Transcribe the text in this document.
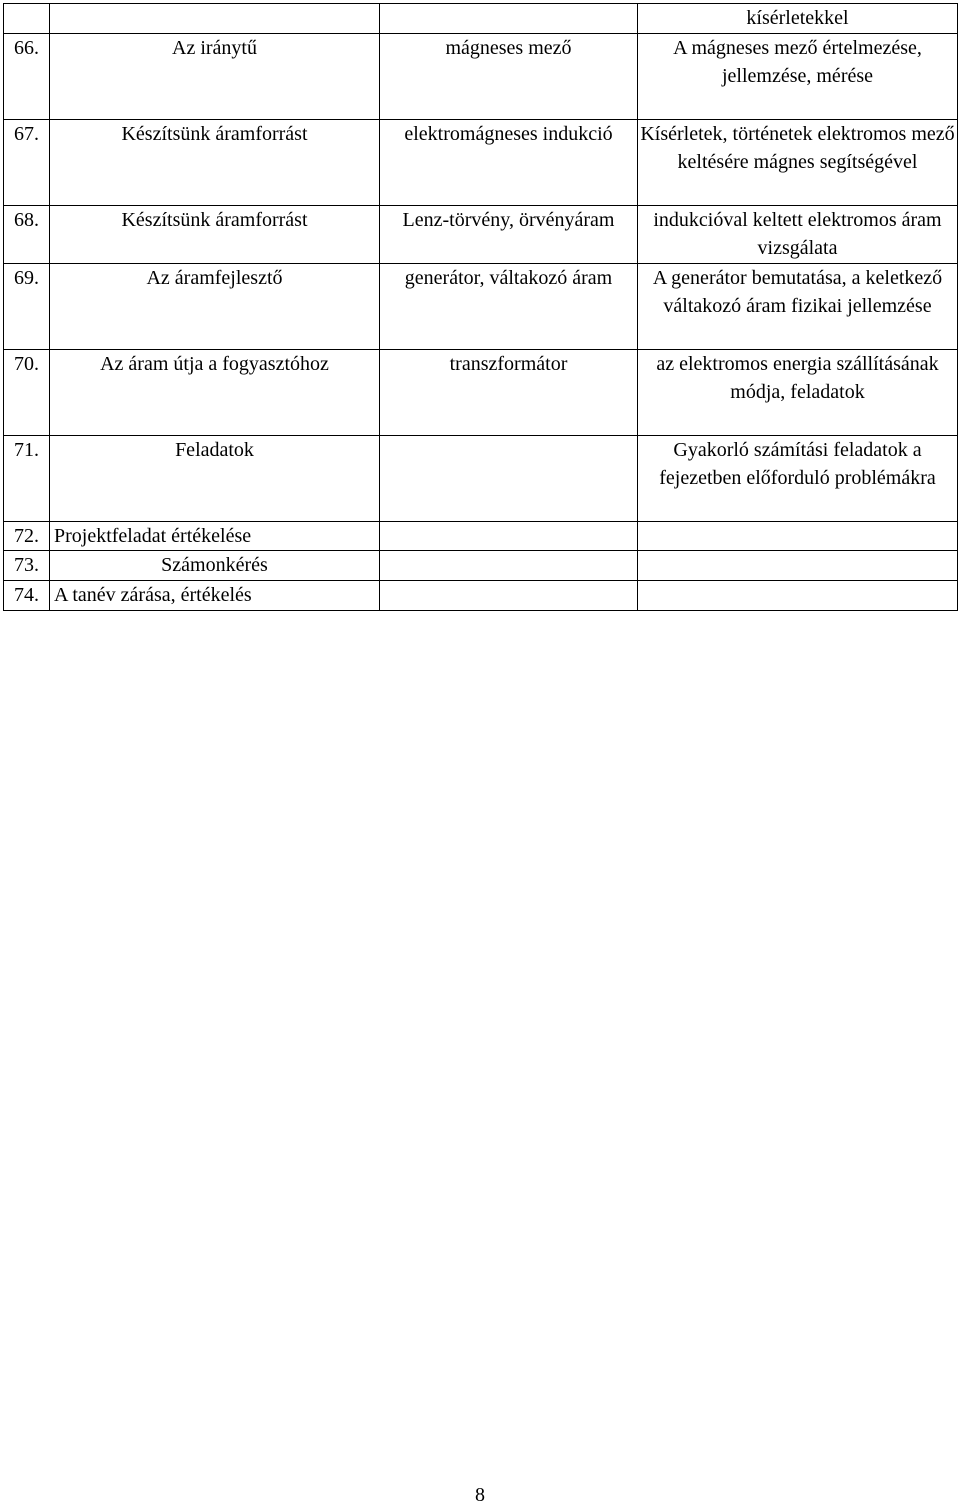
			kísérletekkel
66.	Az iránytű	mágneses mező	A mágneses mező értelmezése, jellemzése, mérése
67.	Készítsünk áramforrást	elektromágneses indukció	Kísérletek, történetek elektromos mező keltésére mágnes segítségével
68.	Készítsünk áramforrást	Lenz-törvény, örvényáram	indukcióval keltett elektromos áram vizsgálata
69.	Az áramfejlesztő	generátor, váltakozó áram	A generátor bemutatása, a keletkező váltakozó áram fizikai jellemzése
70.	Az áram útja a fogyasztóhoz	transzformátor	az elektromos energia szállításának módja, feladatok
71.	Feladatok		Gyakorló számítási feladatok a fejezetben előforduló problémákra
72.	Projektfeladat értékelése		
73.	Számonkérés		
74.	A tanév zárása, értékelés		
8
